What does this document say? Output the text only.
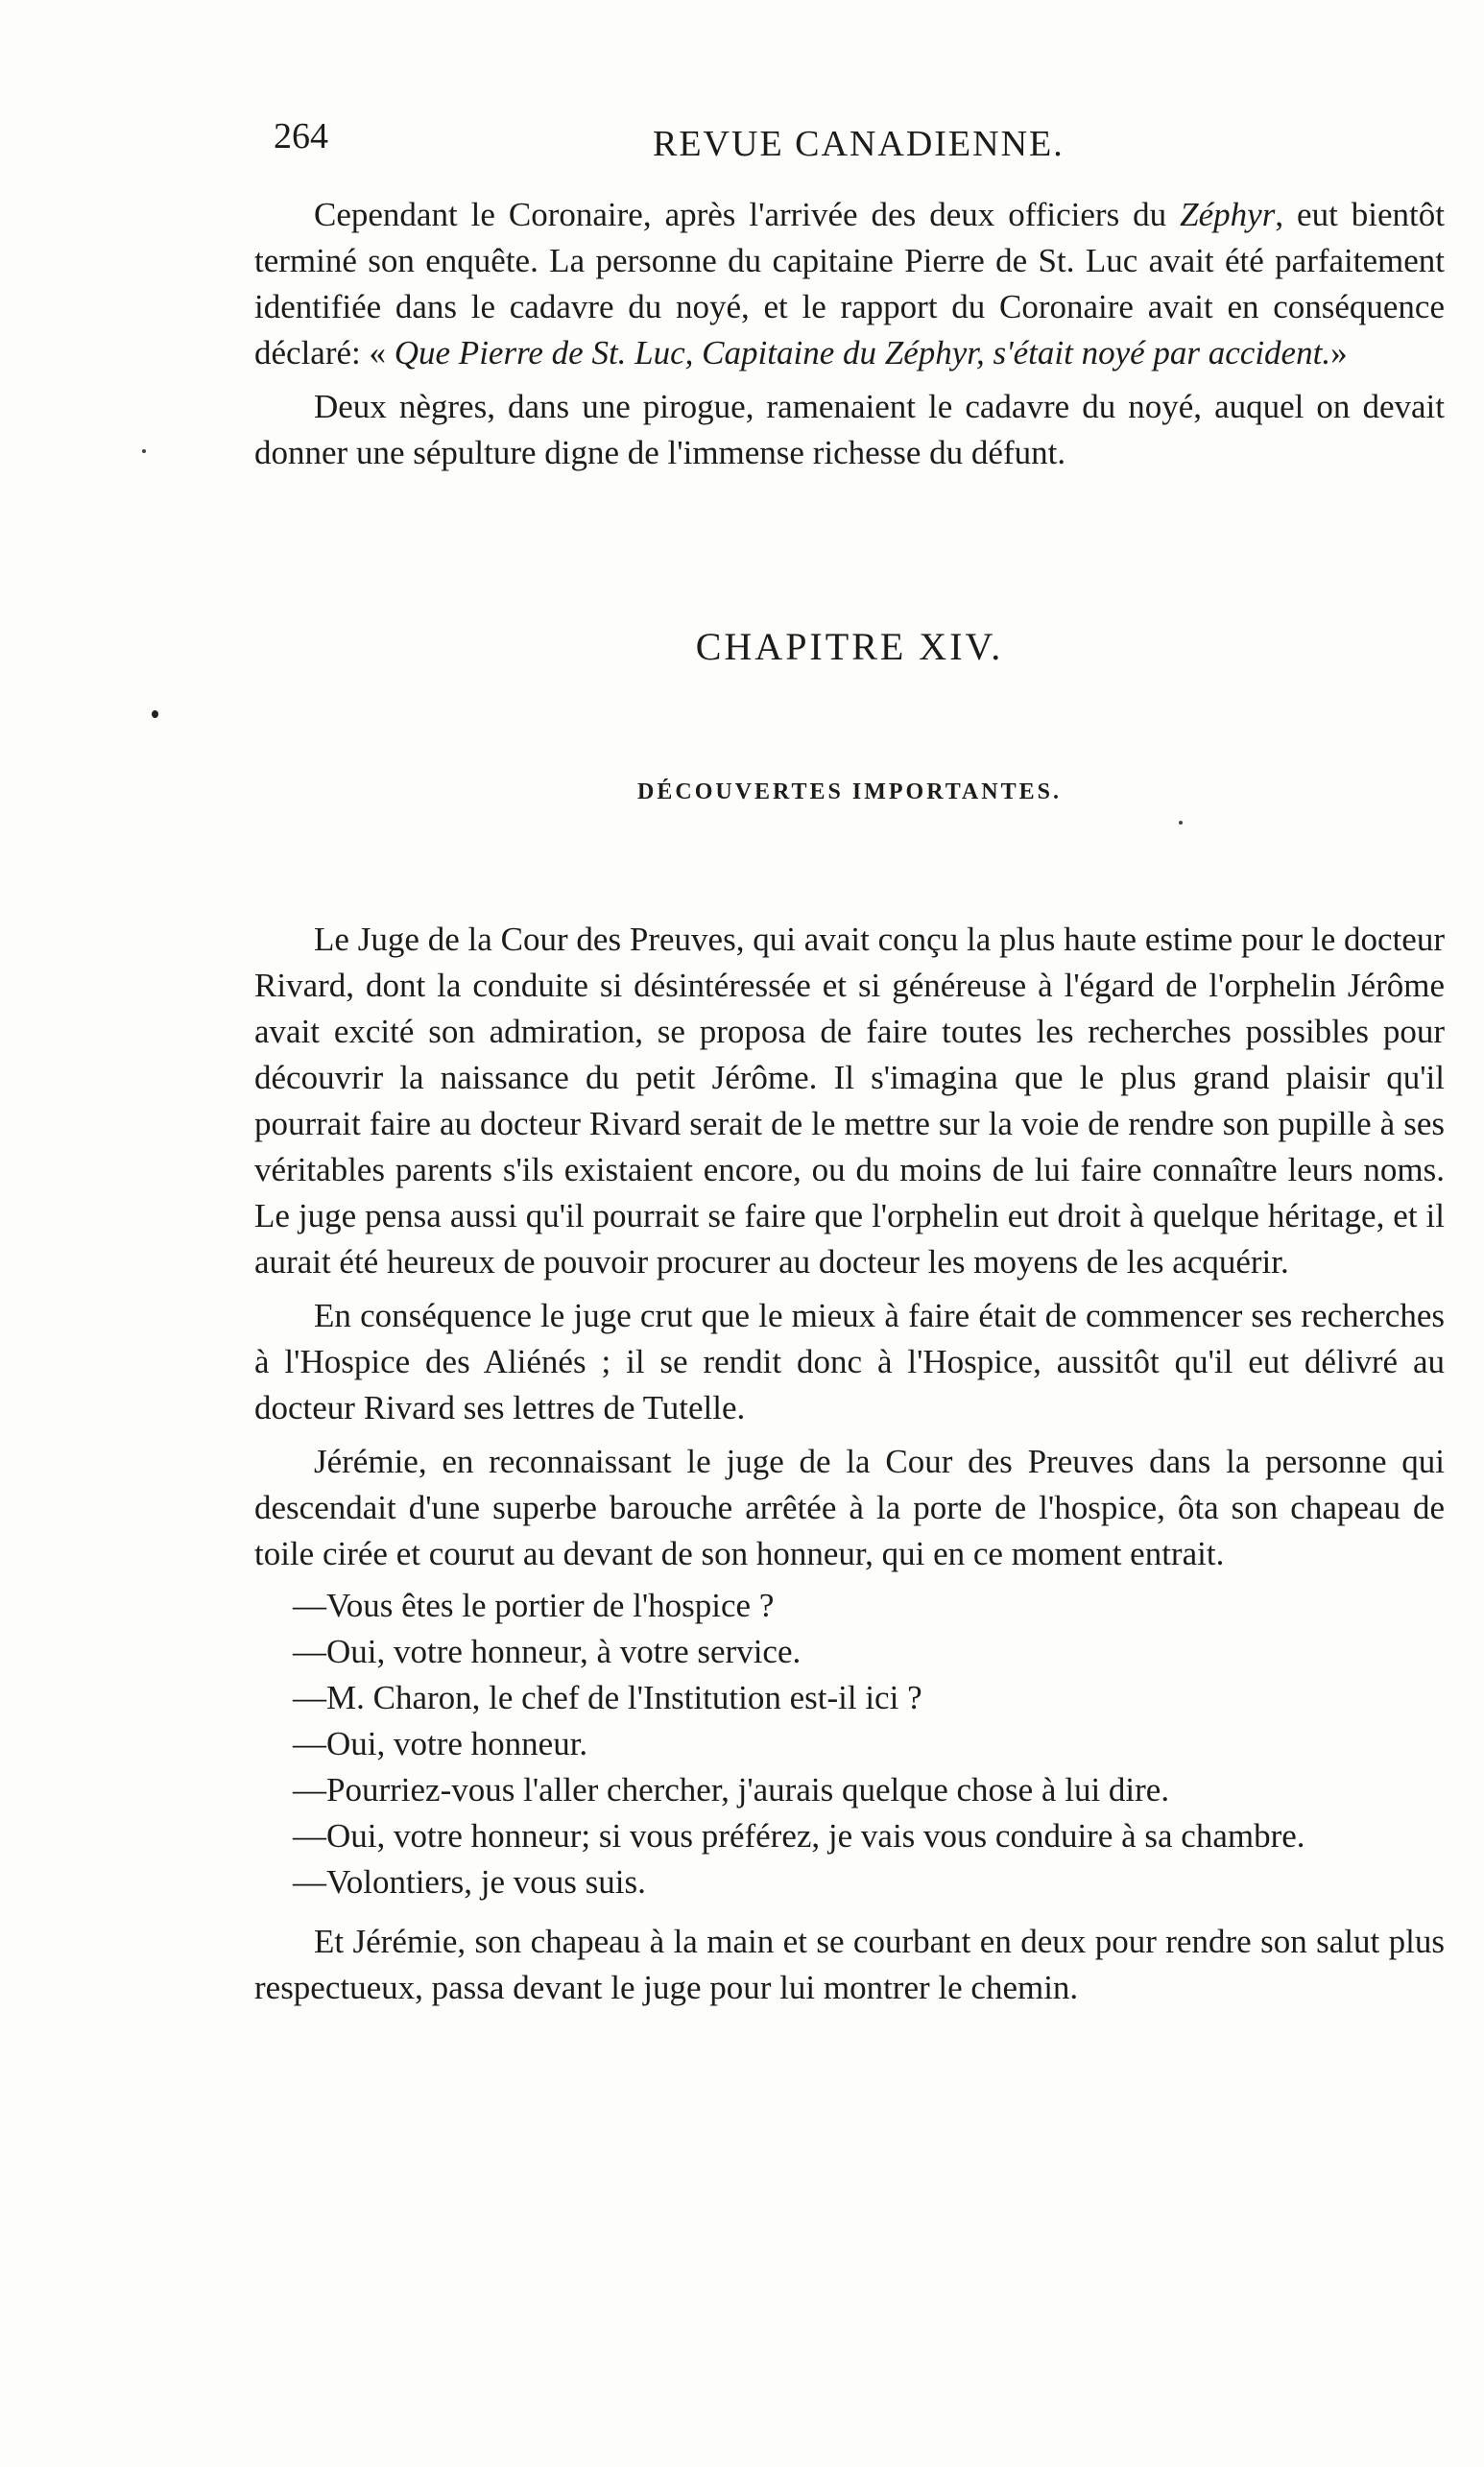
264	REVUE CANADIENNE.

Cependant le Coronaire, après l'arrivée des deux officiers du Zéphyr, eut bientôt terminé son enquête. La personne du capitaine Pierre de St. Luc avait été parfaitement identifiée dans le cadavre du noyé, et le rapport du Coronaire avait en conséquence déclaré: « Que Pierre de St. Luc, Capitaine du Zéphyr, s'était noyé par accident.»

Deux nègres, dans une pirogue, ramenaient le cadavre du noyé, auquel on devait donner une sépulture digne de l'immense richesse du défunt.

CHAPITRE XIV.
DÉCOUVERTES IMPORTANTES.

Le Juge de la Cour des Preuves, qui avait conçu la plus haute estime pour le docteur Rivard, dont la conduite si désintéressée et si généreuse à l'égard de l'orphelin Jérôme avait excité son admiration, se proposa de faire toutes les recherches possibles pour découvrir la naissance du petit Jérôme. Il s'imagina que le plus grand plaisir qu'il pourrait faire au docteur Rivard serait de le mettre sur la voie de rendre son pupille à ses véritables parents s'ils existaient encore, ou du moins de lui faire connaître leurs noms. Le juge pensa aussi qu'il pourrait se faire que l'orphelin eut droit à quelque héritage, et il aurait été heureux de pouvoir procurer au docteur les moyens de les acquérir.

En conséquence le juge crut que le mieux à faire était de commencer ses recherches à l'Hospice des Aliénés ; il se rendit donc à l'Hospice, aussitôt qu'il eut délivré au docteur Rivard ses lettres de Tutelle.

Jérémie, en reconnaissant le juge de la Cour des Preuves dans la personne qui descendait d'une superbe barouche arrêtée à la porte de l'hospice, ôta son chapeau de toile cirée et courut au devant de son honneur, qui en ce moment entrait.

—Vous êtes le portier de l'hospice ?

—Oui, votre honneur, à votre service.

—M. Charon, le chef de l'Institution est-il ici ?

—Oui, votre honneur.

—Pourriez-vous l'aller chercher, j'aurais quelque chose à lui dire.

—Oui, votre honneur; si vous préférez, je vais vous conduire à sa chambre.

—Volontiers, je vous suis.

Et Jérémie, son chapeau à la main et se courbant en deux pour rendre son salut plus respectueux, passa devant le juge pour lui montrer le chemin.
